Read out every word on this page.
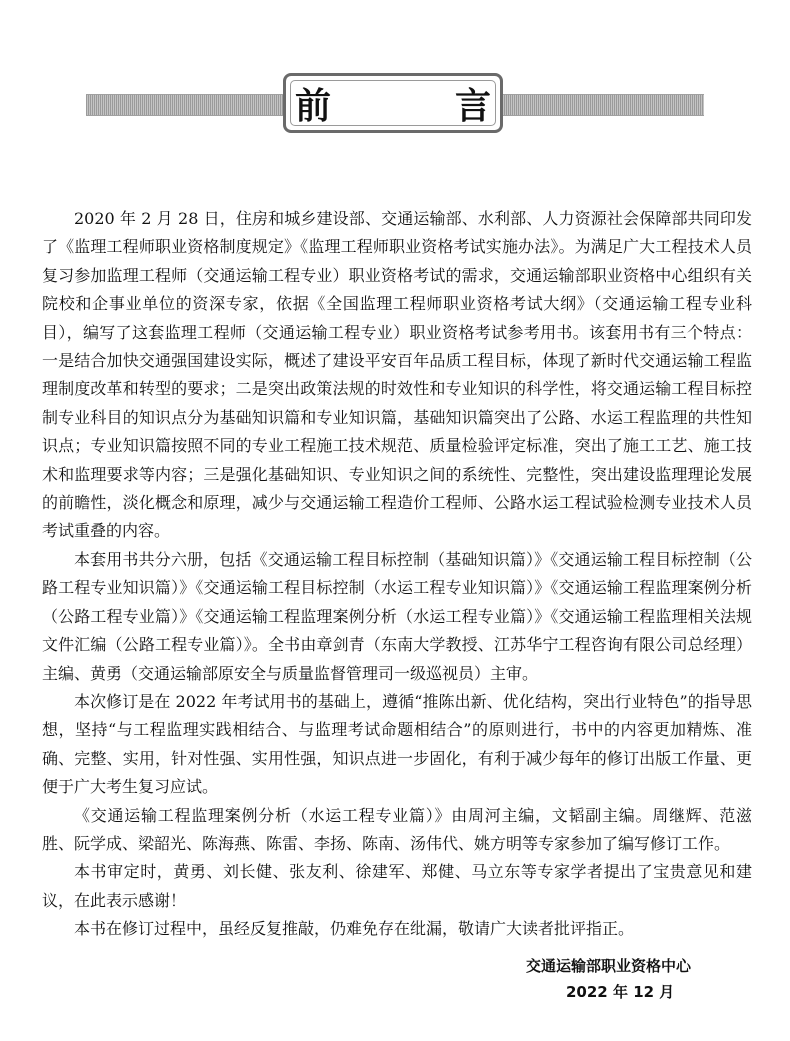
前　言

2020 年 2 月 28 日，住房和城乡建设部、交通运输部、水利部、人力资源社会保障部共同印发了《监理工程师职业资格制度规定》《监理工程师职业资格考试实施办法》。为满足广大工程技术人员复习参加监理工程师（交通运输工程专业）职业资格考试的需求，交通运输部职业资格中心组织有关院校和企事业单位的资深专家，依据《全国监理工程师职业资格考试大纲》（交通运输工程专业科目），编写了这套监理工程师（交通运输工程专业）职业资格考试参考用书。该套用书有三个特点：一是结合加快交通强国建设实际，概述了建设平安百年品质工程目标，体现了新时代交通运输工程监理制度改革和转型的要求；二是突出政策法规的时效性和专业知识的科学性，将交通运输工程目标控制专业科目的知识点分为基础知识篇和专业知识篇，基础知识篇突出了公路、水运工程监理的共性知识点；专业知识篇按照不同的专业工程施工技术规范、质量检验评定标准，突出了施工工艺、施工技术和监理要求等内容；三是强化基础知识、专业知识之间的系统性、完整性，突出建设监理理论发展的前瞻性，淡化概念和原理，减少与交通运输工程造价工程师、公路水运工程试验检测专业技术人员考试重叠的内容。

本套用书共分六册，包括《交通运输工程目标控制（基础知识篇）》《交通运输工程目标控制（公路工程专业知识篇）》《交通运输工程目标控制（水运工程专业知识篇）》《交通运输工程监理案例分析（公路工程专业篇）》《交通运输工程监理案例分析（水运工程专业篇）》《交通运输工程监理相关法规文件汇编（公路工程专业篇）》。全书由章剑青（东南大学教授、江苏华宁工程咨询有限公司总经理）主编、黄勇（交通运输部原安全与质量监督管理司一级巡视员）主审。

本次修订是在 2022 年考试用书的基础上，遵循“推陈出新、优化结构，突出行业特色”的指导思想，坚持“与工程监理实践相结合、与监理考试命题相结合”的原则进行，书中的内容更加精炼、准确、完整、实用，针对性强、实用性强，知识点进一步固化，有利于减少每年的修订出版工作量、更便于广大考生复习应试。

《交通运输工程监理案例分析（水运工程专业篇）》由周河主编，文韬副主编。周继辉、范滋胜、阮学成、梁韶光、陈海燕、陈雷、李扬、陈南、汤伟代、姚方明等专家参加了编写修订工作。

本书审定时，黄勇、刘长健、张友利、徐建军、郑健、马立东等专家学者提出了宝贵意见和建议，在此表示感谢！

本书在修订过程中，虽经反复推敲，仍难免存在纰漏，敬请广大读者批评指正。

交通运输部职业资格中心
2022 年 12 月
